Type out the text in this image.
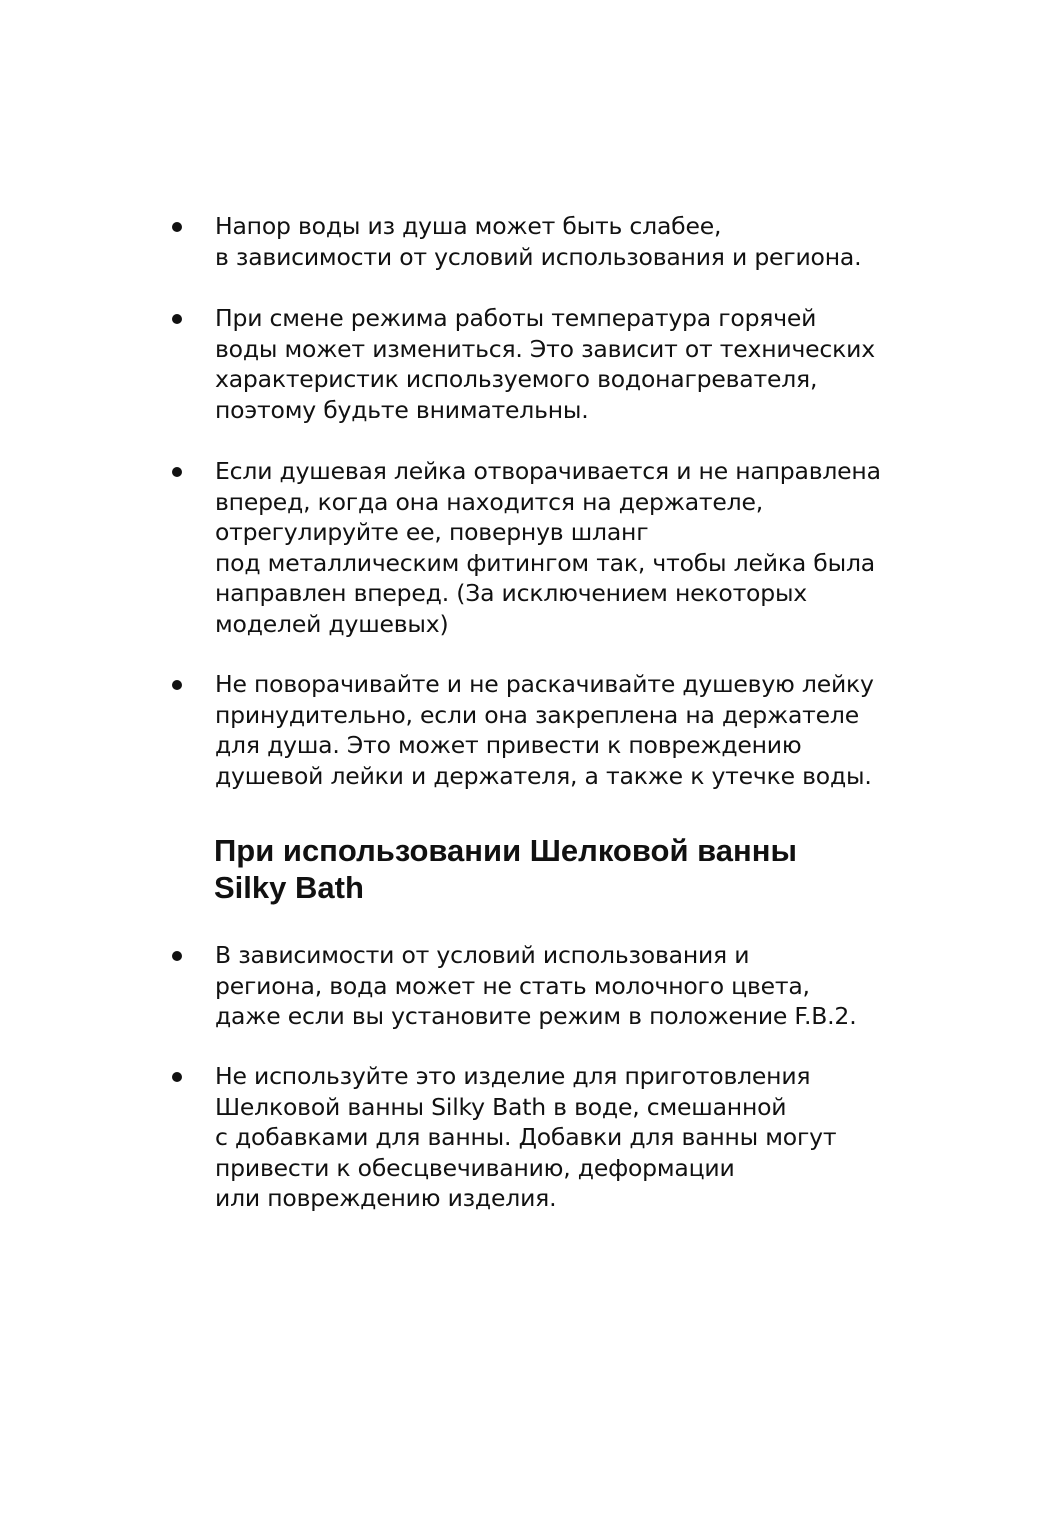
Напор воды из душа может быть слабее,
в зависимости от условий использования и региона.
При смене режима работы температура горячей
воды может измениться. Это зависит от технических
характеристик используемого водонагревателя,
поэтому будьте внимательны.
Если душевая лейка отворачивается и не направлена
вперед, когда она находится на держателе,
отрегулируйте ее, повернув шланг
под металлическим фитингом так, чтобы лейка была
направлен вперед. (За исключением некоторых
моделей душевых)
Не поворачивайте и не раскачивайте душевую лейку
принудительно, если она закреплена на держателе
для душа. Это может привести к повреждению
душевой лейки и держателя, а также к утечке воды.
При использовании Шелковой ванны
Silky Bath
В зависимости от условий использования и
региона, вода может не стать молочного цвета,
даже если вы установите режим в положение F.B.2.
Не используйте это изделие для приготовления
Шелковой ванны Silky Bath в воде, смешанной
с добавками для ванны. Добавки для ванны могут
привести к обесцвечиванию, деформации
или повреждению изделия.
